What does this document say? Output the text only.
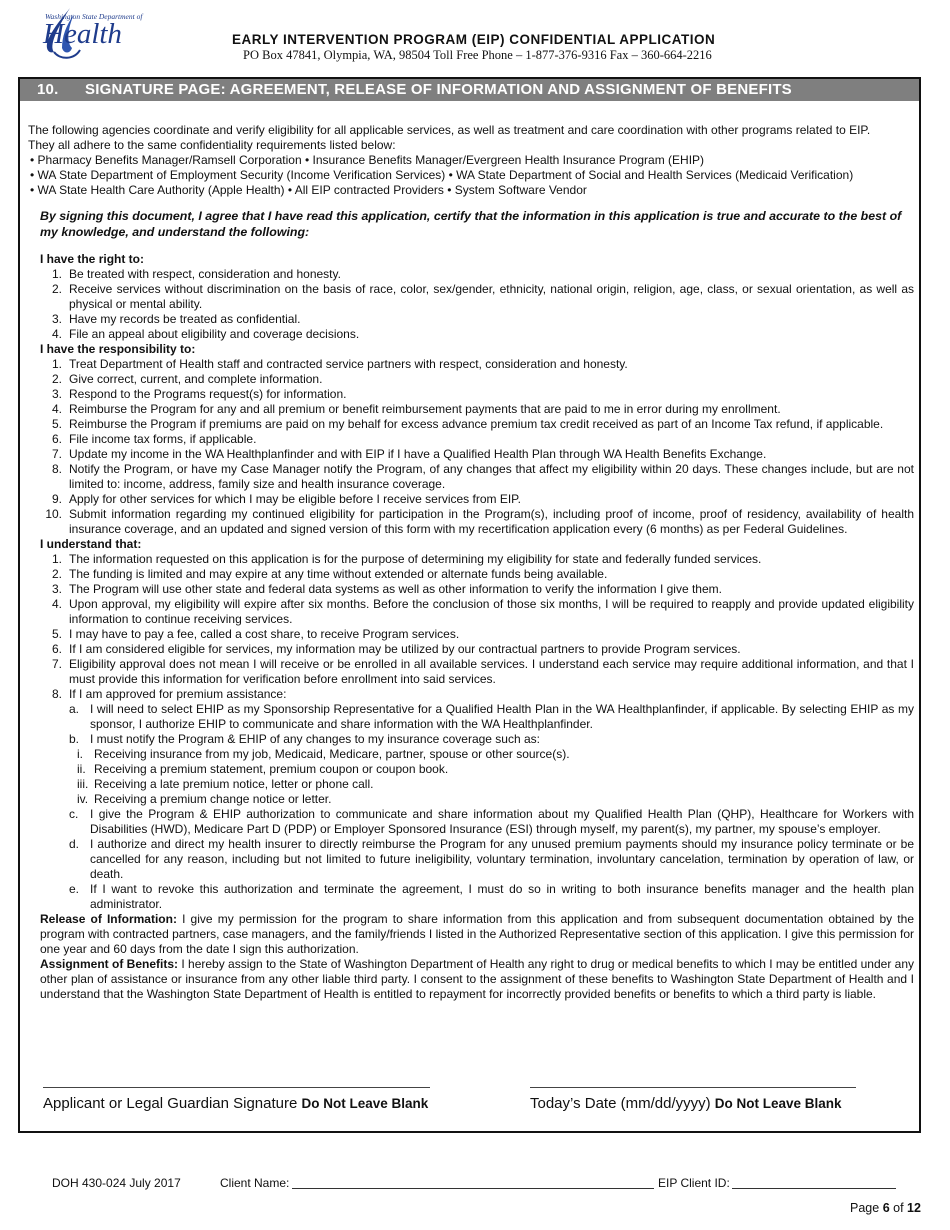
Washington State Department of
Health	EARLY INTERVENTION PROGRAM (EIP) CONFIDENTIAL APPLICATION
PO Box 47841, Olympia, WA, 98504 Toll Free Phone – 1-877-376-9316 Fax – 360-664-2216
10. SIGNATURE PAGE: AGREEMENT, RELEASE OF INFORMATION AND ASSIGNMENT OF BENEFITS

The following agencies coordinate and verify eligibility for all applicable services, as well as treatment and care coordination with other programs related to EIP.

They all adhere to the same confidentiality requirements listed below:

• Pharmacy Benefits Manager/Ramsell Corporation • Insurance Benefits Manager/Evergreen Health Insurance Program (EHIP)

• WA State Department of Employment Security (Income Verification Services) • WA State Department of Social and Health Services (Medicaid Verification)

• WA State Health Care Authority (Apple Health) • All EIP contracted Providers • System Software Vendor

By signing this document, I agree that I have read this application, certify that the information in this application is true and accurate to the best of my knowledge, and understand the following:
I have the right to:
1. Be treated with respect, consideration and honesty.
2. Receive services without discrimination on the basis of race, color, sex/gender, ethnicity, national origin, religion, age, class, or sexual orientation, as well as physical or mental ability.
3. Have my records be treated as confidential.
4. File an appeal about eligibility and coverage decisions.
I have the responsibility to:
1. Treat Department of Health staff and contracted service partners with respect, consideration and honesty.
2. Give correct, current, and complete information.
3. Respond to the Programs request(s) for information.
4. Reimburse the Program for any and all premium or benefit reimbursement payments that are paid to me in error during my enrollment.
5. Reimburse the Program if premiums are paid on my behalf for excess advance premium tax credit received as part of an Income Tax refund, if applicable.
6. File income tax forms, if applicable.
7. Update my income in the WA Healthplanfinder and with EIP if I have a Qualified Health Plan through WA Health Benefits Exchange.
8. Notify the Program, or have my Case Manager notify the Program, of any changes that affect my eligibility within 20 days. These changes include, but are not limited to: income, address, family size and health insurance coverage.
9. Apply for other services for which I may be eligible before I receive services from EIP.
10. Submit information regarding my continued eligibility for participation in the Program(s), including proof of income, proof of residency, availability of health insurance coverage, and an updated and signed version of this form with my recertification application every (6 months) as per Federal Guidelines.
I understand that:
1. The information requested on this application is for the purpose of determining my eligibility for state and federally funded services.
2. The funding is limited and may expire at any time without extended or alternate funds being available.
3. The Program will use other state and federal data systems as well as other information to verify the information I give them.
4. Upon approval, my eligibility will expire after six months. Before the conclusion of those six months, I will be required to reapply and provide updated eligibility information to continue receiving services.
5. I may have to pay a fee, called a cost share, to receive Program services.
6. If I am considered eligible for services, my information may be utilized by our contractual partners to provide Program services.
7. Eligibility approval does not mean I will receive or be enrolled in all available services. I understand each service may require additional information, and that I must provide this information for verification before enrollment into said services.
8. If I am approved for premium assistance:
a. I will need to select EHIP as my Sponsorship Representative for a Qualified Health Plan in the WA Healthplanfinder, if applicable. By selecting EHIP as my sponsor, I authorize EHIP to communicate and share information with the WA Healthplanfinder.
b. I must notify the Program & EHIP of any changes to my insurance coverage such as:
i. Receiving insurance from my job, Medicaid, Medicare, partner, spouse or other source(s).
ii. Receiving a premium statement, premium coupon or coupon book.
iii. Receiving a late premium notice, letter or phone call.
iv. Receiving a premium change notice or letter.
c. I give the Program & EHIP authorization to communicate and share information about my Qualified Health Plan (QHP), Healthcare for Workers with Disabilities (HWD), Medicare Part D (PDP) or Employer Sponsored Insurance (ESI) through myself, my parent(s), my partner, my spouse’s employer.
d. I authorize and direct my health insurer to directly reimburse the Program for any unused premium payments should my insurance policy terminate or be cancelled for any reason, including but not limited to future ineligibility, voluntary termination, involuntary cancelation, termination by operation of law, or death.
e. If I want to revoke this authorization and terminate the agreement, I must do so in writing to both insurance benefits manager and the health plan administrator.
Release of Information: I give my permission for the program to share information from this application and from subsequent documentation obtained by the program with contracted partners, case managers, and the family/friends I listed in the Authorized Representative section of this application. I give this permission for one year and 60 days from the date I sign this authorization.
Assignment of Benefits: I hereby assign to the State of Washington Department of Health any right to drug or medical benefits to which I may be entitled under any other plan of assistance or insurance from any other liable third party. I consent to the assignment of these benefits to Washington State Department of Health and I understand that the Washington State Department of Health is entitled to repayment for incorrectly provided benefits or benefits to which a third party is liable.
Applicant or Legal Guardian Signature Do Not Leave Blank	Today’s Date (mm/dd/yyyy) Do Not Leave Blank
DOH 430-024 July 2017	Client Name:	EIP Client ID:
Page 6 of 12
